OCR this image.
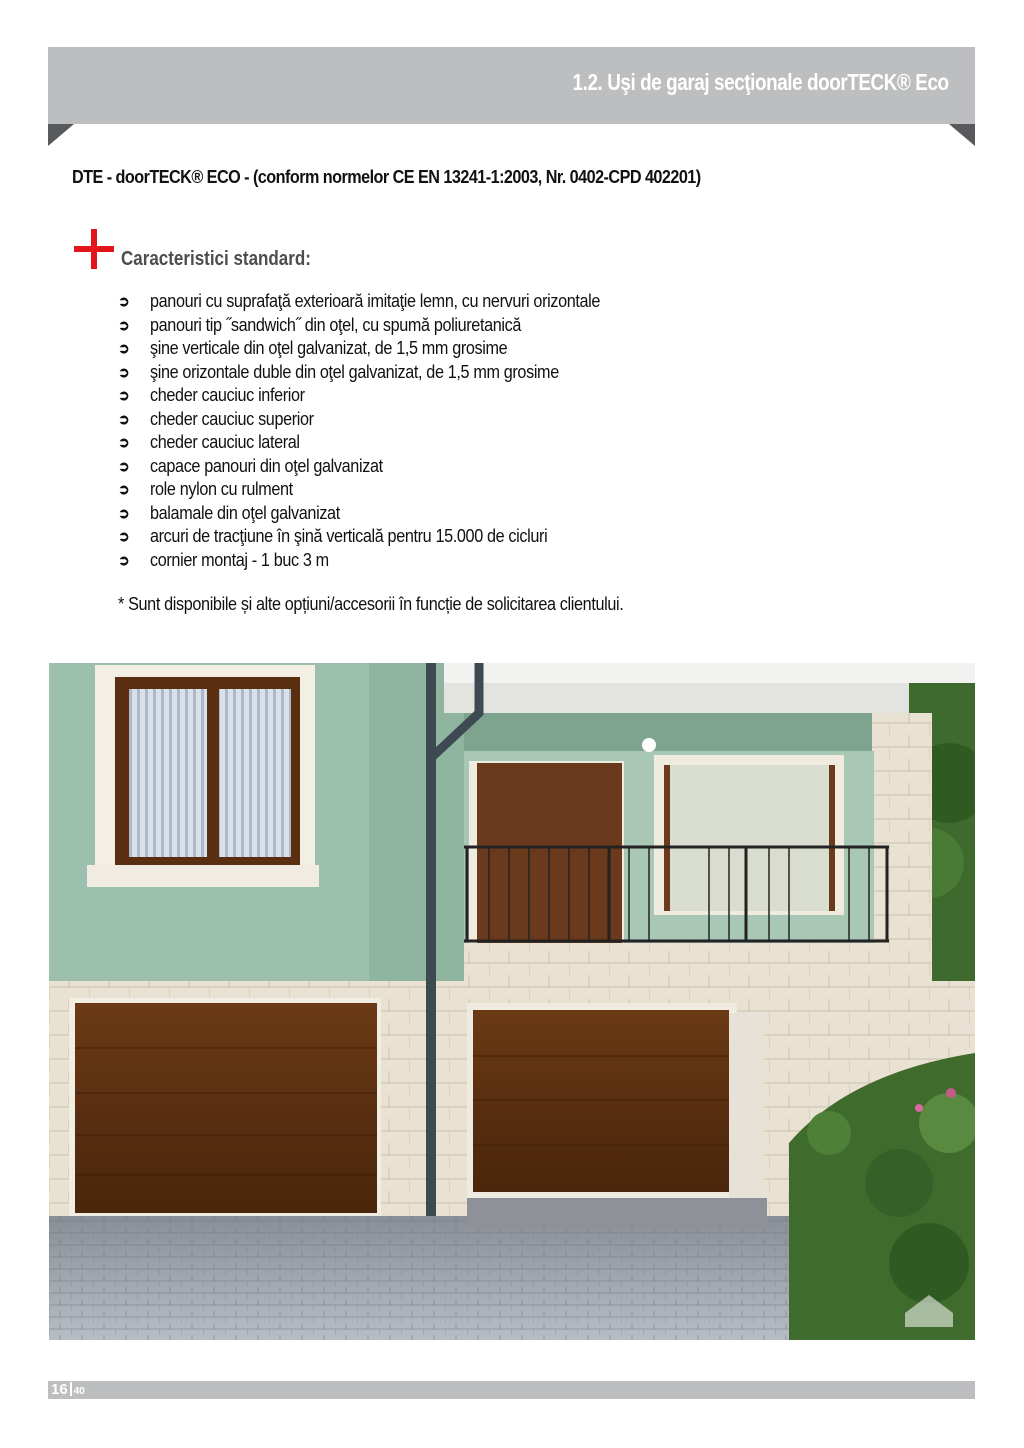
1.2. Uşi de garaj secţionale doorTECK® Eco
DTE - doorTECK® ECO - (conform normelor CE EN 13241-1:2003, Nr. 0402-CPD 402201)
Caracteristici standard:
➲	panouri cu suprafaţă exterioară imitaţie lemn, cu nervuri orizontale
➲	panouri tip ˝sandwich˝ din oţel, cu spumă poliuretanică
➲	şine verticale din oţel galvanizat, de 1,5 mm grosime
➲	şine orizontale duble din oţel galvanizat, de 1,5 mm grosime
➲	cheder cauciuc inferior
➲	cheder cauciuc superior
➲	cheder cauciuc lateral
➲	capace panouri din oţel galvanizat
➲	role nylon cu rulment
➲	balamale din oţel galvanizat
➲	arcuri de tracţiune în şină verticală pentru 15.000 de cicluri
➲	cornier montaj - 1 buc 3 m
* Sunt disponibile și alte opțiuni/accesorii în funcție de solicitarea clientului.
16 40
